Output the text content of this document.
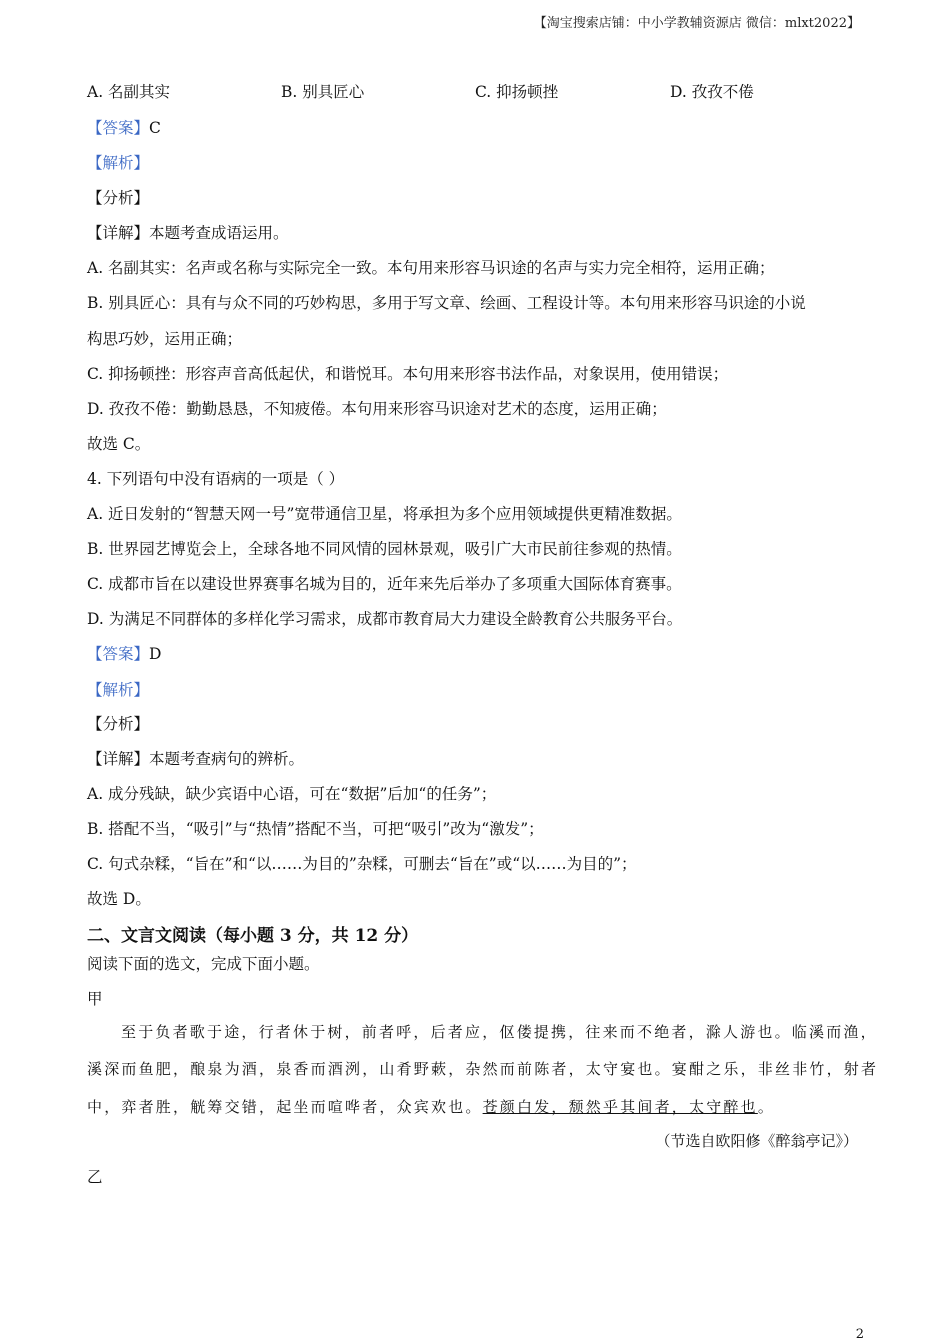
【淘宝搜索店铺：中小学教辅资源店 微信：mlxt2022】
A. 名副其实	B. 别具匠心	C. 抑扬顿挫	D. 孜孜不倦
【答案】C
【解析】
【分析】
【详解】本题考查成语运用。
A. 名副其实：名声或名称与实际完全一致。本句用来形容马识途的名声与实力完全相符，运用正确；
B. 别具匠心：具有与众不同的巧妙构思，多用于写文章、绘画、工程设计等。本句用来形容马识途的小说
构思巧妙，运用正确；
C. 抑扬顿挫：形容声音高低起伏，和谐悦耳。本句用来形容书法作品，对象误用，使用错误；
D. 孜孜不倦：勤勤恳恳，不知疲倦。本句用来形容马识途对艺术的态度，运用正确；
故选 C。
4. 下列语句中没有语病的一项是（ ）
A. 近日发射的“智慧天网一号”宽带通信卫星，将承担为多个应用领域提供更精准数据。
B. 世界园艺博览会上，全球各地不同风情的园林景观，吸引广大市民前往参观的热情。
C. 成都市旨在以建设世界赛事名城为目的，近年来先后举办了多项重大国际体育赛事。
D. 为满足不同群体的多样化学习需求，成都市教育局大力建设全龄教育公共服务平台。
【答案】D
【解析】
【分析】
【详解】本题考查病句的辨析。
A. 成分残缺，缺少宾语中心语，可在“数据”后加“的任务”；
B. 搭配不当，“吸引”与“热情”搭配不当，可把“吸引”改为“激发”；
C. 句式杂糅，“旨在”和“以……为目的”杂糅，可删去“旨在”或“以……为目的”；
故选 D。
二、文言文阅读（每小题 3 分，共 12 分）
阅读下面的选文，完成下面小题。
甲
至于负者歌于途，行者休于树，前者呼，后者应，伛偻提携，往来而不绝者，滁人游也。临溪而渔，
溪深而鱼肥，酿泉为酒，泉香而酒洌，山肴野蔌，杂然而前陈者，太守宴也。宴酣之乐，非丝非竹，射者
中，弈者胜，觥筹交错，起坐而喧哗者，众宾欢也。苍颜白发，颓然乎其间者，太守醉也。
（节选自欧阳修《醉翁亭记》）
乙
2
